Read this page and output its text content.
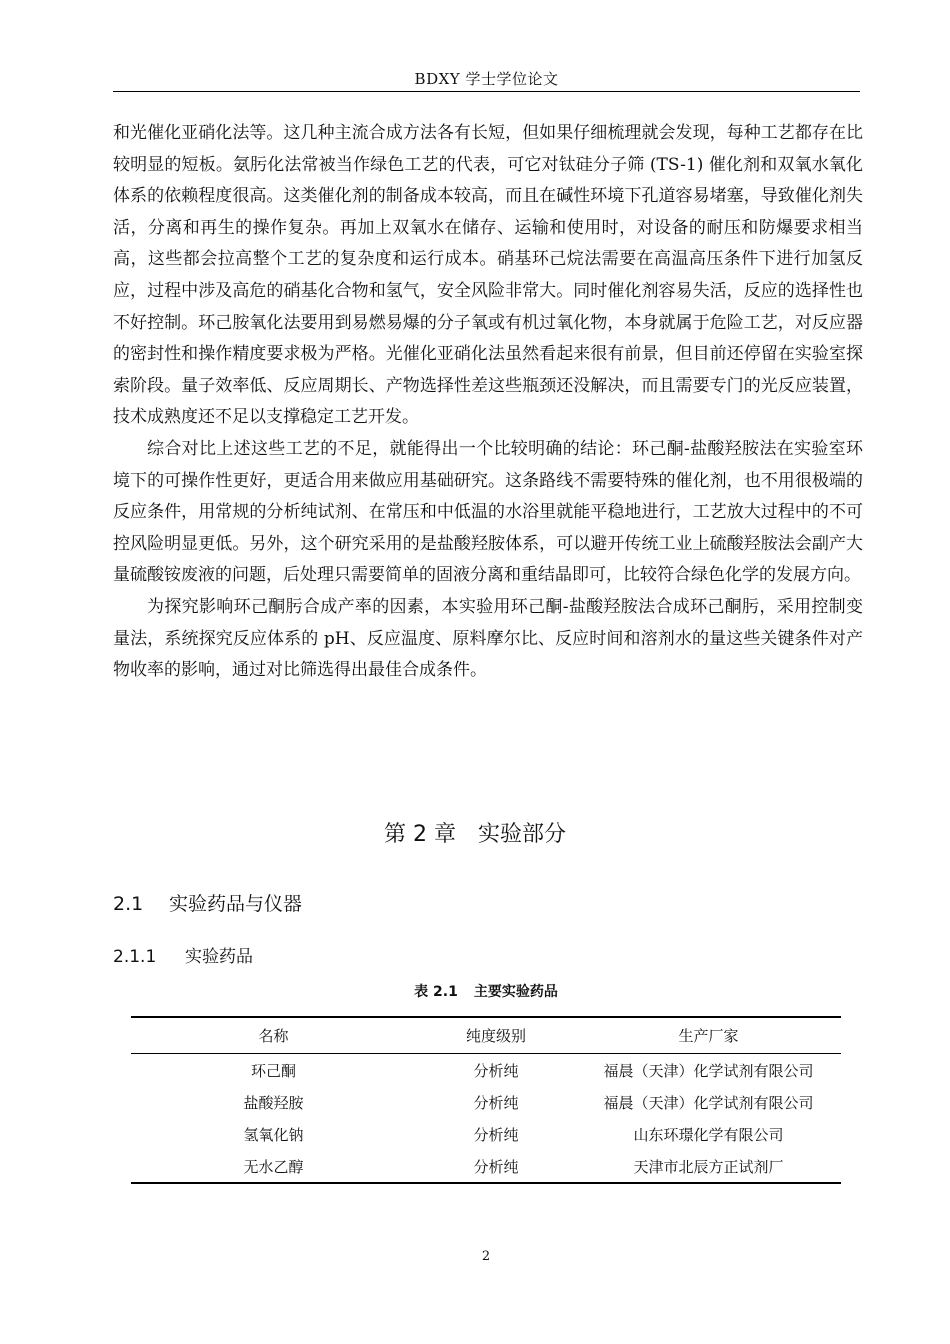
BDXY 学士学位论文

和光催化亚硝化法等。这几种主流合成方法各有长短，但如果仔细梳理就会发现，每种工艺都存在比较明显的短板。氨肟化法常被当作绿色工艺的代表，可它对钛硅分子筛 (TS-1) 催化剂和双氧水氧化体系的依赖程度很高。这类催化剂的制备成本较高，而且在碱性环境下孔道容易堵塞，导致催化剂失活，分离和再生的操作复杂。再加上双氧水在储存、运输和使用时，对设备的耐压和防爆要求相当高，这些都会拉高整个工艺的复杂度和运行成本。硝基环己烷法需要在高温高压条件下进行加氢反应，过程中涉及高危的硝基化合物和氢气，安全风险非常大。同时催化剂容易失活，反应的选择性也不好控制。环己胺氧化法要用到易燃易爆的分子氧或有机过氧化物，本身就属于危险工艺，对反应器的密封性和操作精度要求极为严格。光催化亚硝化法虽然看起来很有前景，但目前还停留在实验室探索阶段。量子效率低、反应周期长、产物选择性差这些瓶颈还没解决，而且需要专门的光反应装置，技术成熟度还不足以支撑稳定工艺开发。

综合对比上述这些工艺的不足，就能得出一个比较明确的结论：环己酮-盐酸羟胺法在实验室环境下的可操作性更好，更适合用来做应用基础研究。这条路线不需要特殊的催化剂，也不用很极端的反应条件，用常规的分析纯试剂、在常压和中低温的水浴里就能平稳地进行，工艺放大过程中的不可控风险明显更低。另外，这个研究采用的是盐酸羟胺体系，可以避开传统工业上硫酸羟胺法会副产大量硫酸铵废液的问题，后处理只需要简单的固液分离和重结晶即可，比较符合绿色化学的发展方向。

为探究影响环己酮肟合成产率的因素，本实验用环己酮-盐酸羟胺法合成环己酮肟，采用控制变量法，系统探究反应体系的 pH、反应温度、原料摩尔比、反应时间和溶剂水的量这些关键条件对产物收率的影响，通过对比筛选得出最佳合成条件。

第 2 章　实验部分
2.1 实验药品与仪器
2.1.1 实验药品
表 2.1 主要实验药品
名称	纯度级别	生产厂家
环己酮	分析纯	福晨（天津）化学试剂有限公司
盐酸羟胺	分析纯	福晨（天津）化学试剂有限公司
氢氧化钠	分析纯	山东环璟化学有限公司
无水乙醇	分析纯	天津市北辰方正试剂厂
2
